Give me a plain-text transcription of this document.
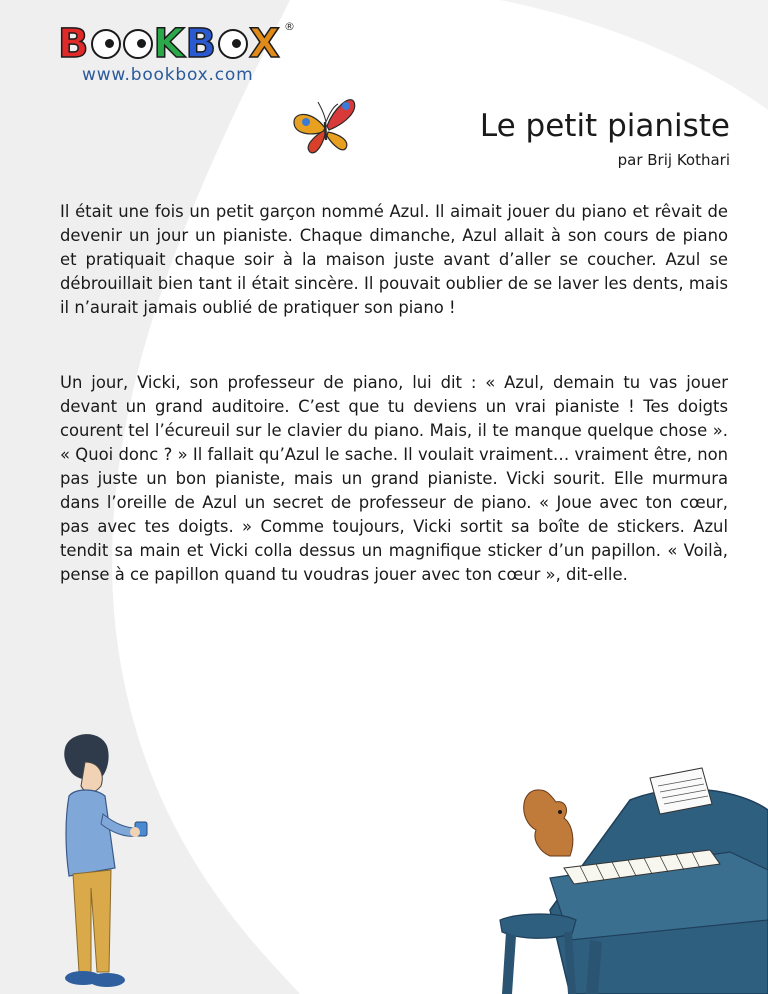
B K B X ®
www.bookbox.com
Le petit pianiste
par Brij Kothari

Il était une fois un petit garçon nommé Azul. Il aimait jouer du piano et rêvait de devenir un jour un pianiste. Chaque dimanche, Azul allait à son cours de piano et pratiquait chaque soir à la maison juste avant d’aller se coucher. Azul se débrouillait bien tant il était sincère. Il pouvait oublier de se laver les dents, mais il n’aurait jamais oublié de pratiquer son piano !

Un jour, Vicki, son professeur de piano, lui dit : « Azul, demain tu vas jouer devant un grand auditoire. C’est que tu deviens un vrai pianiste ! Tes doigts courent tel l’écureuil sur le clavier du piano. Mais, il te manque quelque chose ». « Quoi donc ? » Il fallait qu’Azul le sache. Il voulait vraiment… vraiment être, non pas juste un bon pianiste, mais un grand pianiste. Vicki sourit. Elle murmura dans l’oreille de Azul un secret de professeur de piano. « Joue avec ton cœur, pas avec tes doigts. » Comme toujours, Vicki sortit sa boîte de stickers. Azul tendit sa main et Vicki colla dessus un magnifique sticker d’un papillon. « Voilà, pense à ce papillon quand tu voudras jouer avec ton cœur », dit-elle.
